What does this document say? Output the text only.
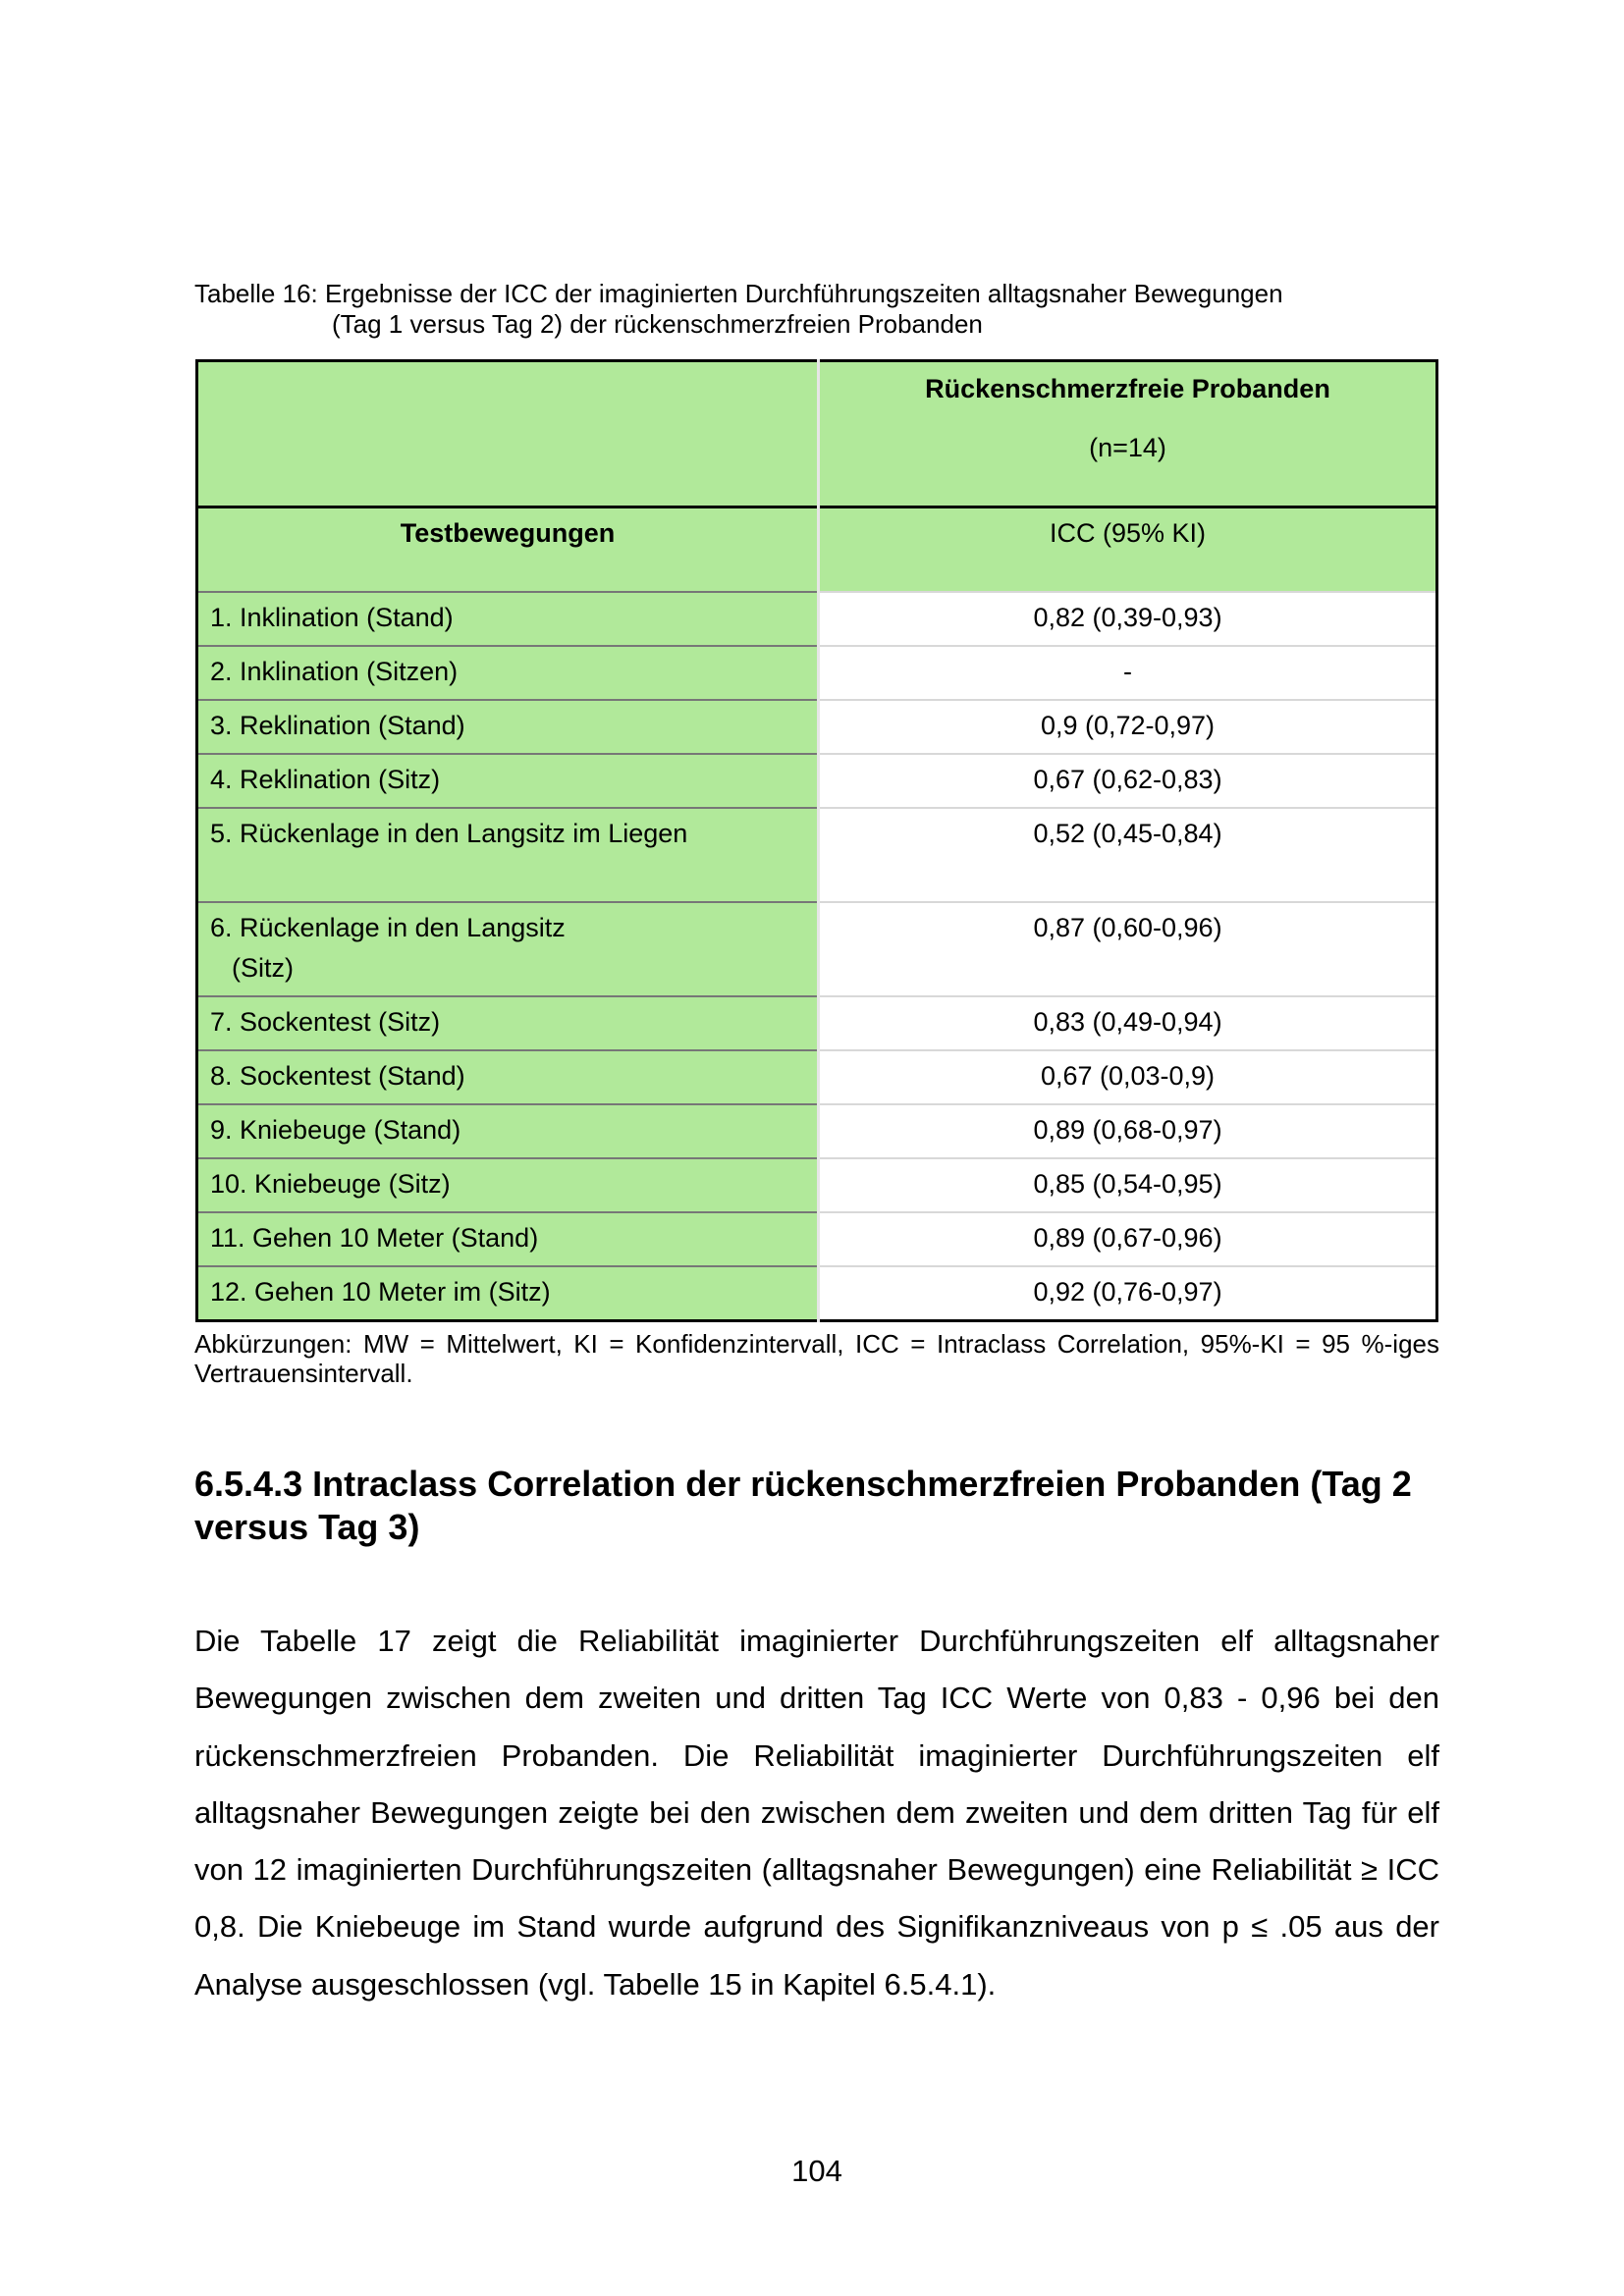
Tabelle 16: Ergebnisse der ICC der imaginierten Durchführungszeiten alltagsnaher Bewegungen
(Tag 1 versus Tag 2) der rückenschmerzfreien Probanden

	Rückenschmerzfreie Probanden
(n=14)

Testbewegungen	ICC (95% KI)

1. Inklination (Stand)	0,82 (0,39-0,93)

2. Inklination (Sitzen)	-

3. Reklination (Stand)	0,9 (0,72-0,97)

4. Reklination (Sitz)	0,67 (0,62-0,83)

5. Rückenlage in den Langsitz im Liegen	0,52 (0,45-0,84)

6. Rückenlage in den Langsitz
(Sitz)	0,87 (0,60-0,96)

7. Sockentest (Sitz)	0,83 (0,49-0,94)

8. Sockentest (Stand)	0,67 (0,03-0,9)

9. Kniebeuge (Stand)	0,89 (0,68-0,97)

10. Kniebeuge (Sitz)	0,85 (0,54-0,95)

11. Gehen 10 Meter (Stand)	0,89 (0,67-0,96)

12. Gehen 10 Meter im (Sitz)	0,92 (0,76-0,97)
Abkürzungen: MW = Mittelwert, KI = Konfidenzintervall, ICC = Intraclass Correlation, 95%-KI = 95 %-iges Vertrauensintervall.
6.5.4.3 Intraclass Correlation der rückenschmerzfreien Probanden (Tag 2 versus Tag 3)

Die Tabelle 17 zeigt die Reliabilität imaginierter Durchführungszeiten elf alltagsnaher Bewegungen zwischen dem zweiten und dritten Tag ICC Werte von 0,83 - 0,96 bei den rückenschmerzfreien Probanden. Die Reliabilität imaginierter Durchführungszeiten elf alltagsnaher Bewegungen zeigte bei den zwischen dem zweiten und dem dritten Tag für elf von 12 imaginierten Durchführungszeiten (alltagsnaher Bewegungen) eine Reliabilität ≥ ICC 0,8. Die Kniebeuge im Stand wurde aufgrund des Signifikanzniveaus von p ≤ .05 aus der Analyse ausgeschlossen (vgl. Tabelle 15 in Kapitel 6.5.4.1).

104
